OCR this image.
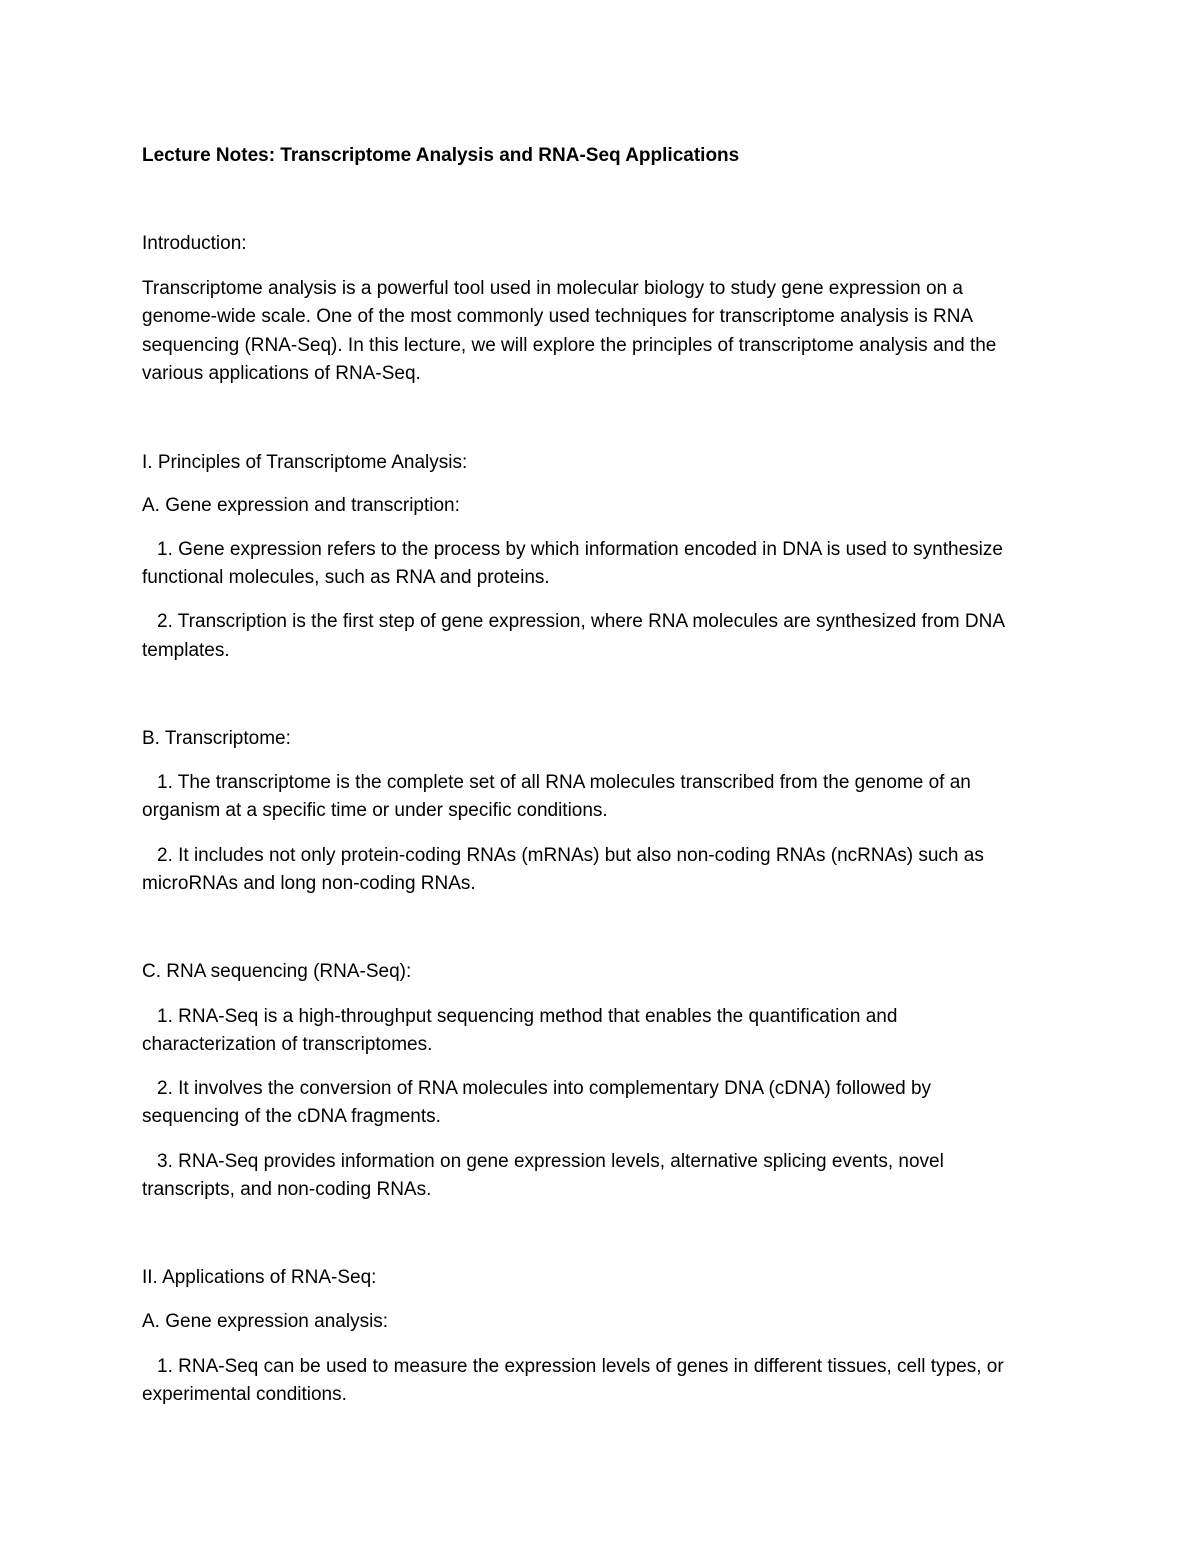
Lecture Notes: Transcriptome Analysis and RNA-Seq Applications
Introduction:
Transcriptome analysis is a powerful tool used in molecular biology to study gene expression on a
genome-wide scale. One of the most commonly used techniques for transcriptome analysis is RNA
sequencing (RNA-Seq). In this lecture, we will explore the principles of transcriptome analysis and the
various applications of RNA-Seq.
I. Principles of Transcriptome Analysis:
A. Gene expression and transcription:
1. Gene expression refers to the process by which information encoded in DNA is used to synthesize
functional molecules, such as RNA and proteins.
2. Transcription is the first step of gene expression, where RNA molecules are synthesized from DNA
templates.
B. Transcriptome:
1. The transcriptome is the complete set of all RNA molecules transcribed from the genome of an
organism at a specific time or under specific conditions.
2. It includes not only protein-coding RNAs (mRNAs) but also non-coding RNAs (ncRNAs) such as
microRNAs and long non-coding RNAs.
C. RNA sequencing (RNA-Seq):
1. RNA-Seq is a high-throughput sequencing method that enables the quantification and
characterization of transcriptomes.
2. It involves the conversion of RNA molecules into complementary DNA (cDNA) followed by
sequencing of the cDNA fragments.
3. RNA-Seq provides information on gene expression levels, alternative splicing events, novel
transcripts, and non-coding RNAs.
II. Applications of RNA-Seq:
A. Gene expression analysis:
1. RNA-Seq can be used to measure the expression levels of genes in different tissues, cell types, or
experimental conditions.
